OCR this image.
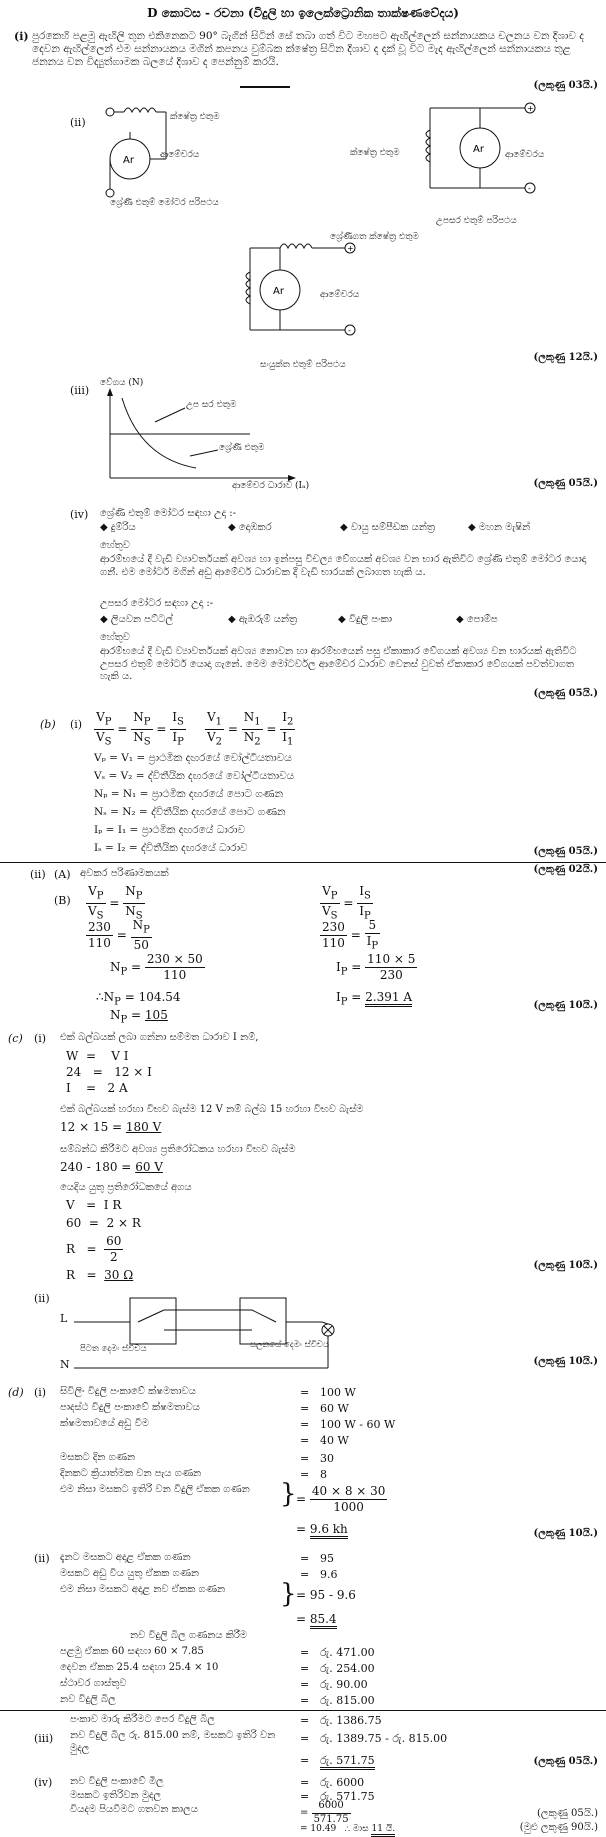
D කොටස - රචනා (විදුලි හා ඉලෙක්ට්‍රොනික තාක්ෂණවේදය)
(i) පුරකෙහි පළමු ඇඟිලි තුන එකිනෙකට 90° බැගින් සිටින් සේ තබා ගත් විට මහපට ඇඟිල්ලෙන් සන්නායකය චලනය වන දිශාව ද දෙවන ඇඟිල්ලෙන් එම සන්නායකය මගින් කපනය වුම්බක ක්ෂේත්‍ර සිටින දිශාව ද දක් වූ විට මැද ඇඟිල්ලෙන් සන්නායකය තුළ ජනනය වන විද්‍යුත්ගාමක බලයේ දිශාව ද පෙන්නුම් කරයි.
(ලකුණු 03යි.)
(ii)
Ar
ක්ෂේත්‍ර එතුම
ආමේචරය
ශ්‍රේණි එතුම් මෝටර පරිපථය
Ar
+
-
ක්ෂේත්‍ර එතුම	ආමේචරය
උපසර එතුම් පරිපථය
Ar
+
-
ශ්‍රේණිගත ක්ෂේත්‍ර එතුම
ආමේචරය
සංයුක්ත එතුම් පරිපථය
(ලකුණු 12යි.)
(iii)
වේගය (N)
උප සර එතුම
ශ්‍රේණි එතුම
ආමේචර ධාරාව (Iₐ)	(ලකුණු 05යි.)
(iv) ශ්‍රේණි එතුම් මෝටර සඳහා උදා :-
◆ දුම්රිය	◆ දොඹකර	◆ වායු සම්පීඩක යන්ත්‍ර	◆ මහන මැෂින්
හේතුව
ආරම්භයේ දී වැඩි ව්‍යාවර්තයක් අවශ්‍ය හා ඉන්පසු විචල්‍ය වේගයක් අවශ්‍ය වන භාර ඇතිවිට ශ්‍රේණි එතුම් මෝටර යොදා ගනී. එම මෝටර් මගින් අඩු ආමේචර් ධාරාවක දී වැඩි භාරයක් ලබාගත හැකි ය.
උපසර මෝටර සඳහා උදා :-
◆ ලියවන පට්ටල්	◆ ඇඹරුම් යන්ත්‍ර	◆ විදුලි පංකා	◆ පොම්ප
හේතුව
ආරම්භයේ දී වැඩි ව්‍යාවර්තයක් අවශ්‍ය නොවන හා ආරම්භයෙන් පසු ඒකාකාර වේගයක් අවශ්‍ය වන භාරයක් ඇතිවිට උපසර එතුම් මෝටර් යොදා ගැනේ. මෙම මෝටර්වල ආමේචර ධාරාව වෙනස් වුවත් ඒකාකාර වේගයක් පවත්වාගත හැකි ය.
(ලකුණු 05යි.)
(b) $(i) \frac{V_P}{V_S} = \frac{N_P}{N_S} = \frac{I_S}{I_P}$
$\frac{V_1}{V_2} = \frac{N_1}{N_2} = \frac{I_2}{I_1}$
Vₚ = V₁ = ප්‍රාථමික දඟරයේ වෝල්ටීයතාවය
Vₛ = V₂ = ද්විතීයික දඟරයේ වෝල්ටීයතාවය
Nₚ = N₁ = ප්‍රාථමික දඟරයේ පොට ගණන
Nₛ = N₂ = ද්විතීයික දඟරයේ පොට ගණන
Iₚ = I₁ = ප්‍රාථමික දඟරයේ ධාරාව
Iₛ = I₂ = ද්විතීයික දඟරයේ ධාරාව	(ලකුණු 05යි.)
(ii) (A) අවකර පරිණාමකයක්	(ලකුණු 02යි.)
$(B) \frac{V_P}{V_S} = \frac{N_P}{N_S}$
$\frac{230}{110} = \frac{N_P}{50}$
$N_P = \frac{230 \times 50}{110}$
$\therefore N_P = 104.54$
$N_P = 105$
$\frac{V_P}{V_S} = \frac{I_S}{I_P}$
$\frac{230}{110} = \frac{5}{I_P}$
$I_P = \frac{110 \times 5}{230}$
$I_P = 2.391$ A
(ලකුණු 10යි.)
(c) (i) එක් බල්බයක් ලබා ගන්නා සම්මත ධාරාව I නම්,
W  =    V I
24   =   12 × I
I    =   2 A
එක් බල්බයක් හරහා විභව බැස්ම 12 V නම් බල්බ 15 හරහා විභව බැස්ම
12 × 15 = 180 V
සම්බන්ධ කිරීමට අවශ්‍ය ප්‍රතිරෝධකය හරහා විභව බැස්ම
240 - 180 = 60 V
යෙදිය යුතු ප්‍රතිරෝධකයේ අගය
V   =  I R
60  =  2 × R
$R = \frac{60}{2}$
R   =  30 Ω
(ලකුණු 10යි.)
(ii)
L
N
පිටත දෙමං ස්විචය	සලනයේ දෙමං ස්විචය
(ලකුණු 10යි.)
(d) (i) සිවිලිං විදුලි පංකාවේ ක්ෂමතාවය	= 100 W
පාදස්ථ විදුලි පංකාවේ ක්ෂමතාවය	= 60 W
ක්ෂමතාවයේ අඩු වීම	= 100 W - 60 W
= 40 W
මසකට දින ගණන	= 30
දිනකට ක්‍රියාත්මක වන පැය ගණන	= 8
එම නිසා මසකට ඉතිරි වන විදුලි ඒකක ගණන	} = $\frac{40 \times 8 \times 30}{1000}$
= 9.6 kh	(ලකුණු 10යි.)
(ii) දැනට මසකට අදාළ ඒකක ගණන	= 95
මසකට අඩු විය යුතු ඒකක ගණන	= 9.6
එම නිසා මසකට අදාළ නව ඒකක ගණන	} = 95 - 9.6
= 85.4
නව විදුලි බිල ගණනය කිරීම
පළමු ඒකක 60 සඳහා 60 × 7.85	= රු. 471.00
දෙවන ඒකක 25.4 සඳහා 25.4 × 10	= රු. 254.00
ස්ථාවර ගාස්තුව	= රු. 90.00
නව විදුලි බිල	= රු. 815.00
පංකාව මාරු කිරීමට පෙර විදුලි බිල	= රු. 1386.75
(iii) නව විදුලි බිල රු. 815.00 නම්, මසකට ඉතිරි වන මුදල
= රු. 1389.75 - රු. 815.00
= රු. 571.75	(ලකුණු 05යි.)
(iv) නව විදුලි පංකාවේ මිල	= රු. 6000
මසකට ඉතිරිවන මුදල	= රු. 571.75
වියදම පියවීමට ගතවන කාලය	= $\frac{6000}{571.75}$
= 10.49 ∴ මාස 11 යි.
(ලකුණු 05යි.)
(මුළු ලකුණු 90යි.)
